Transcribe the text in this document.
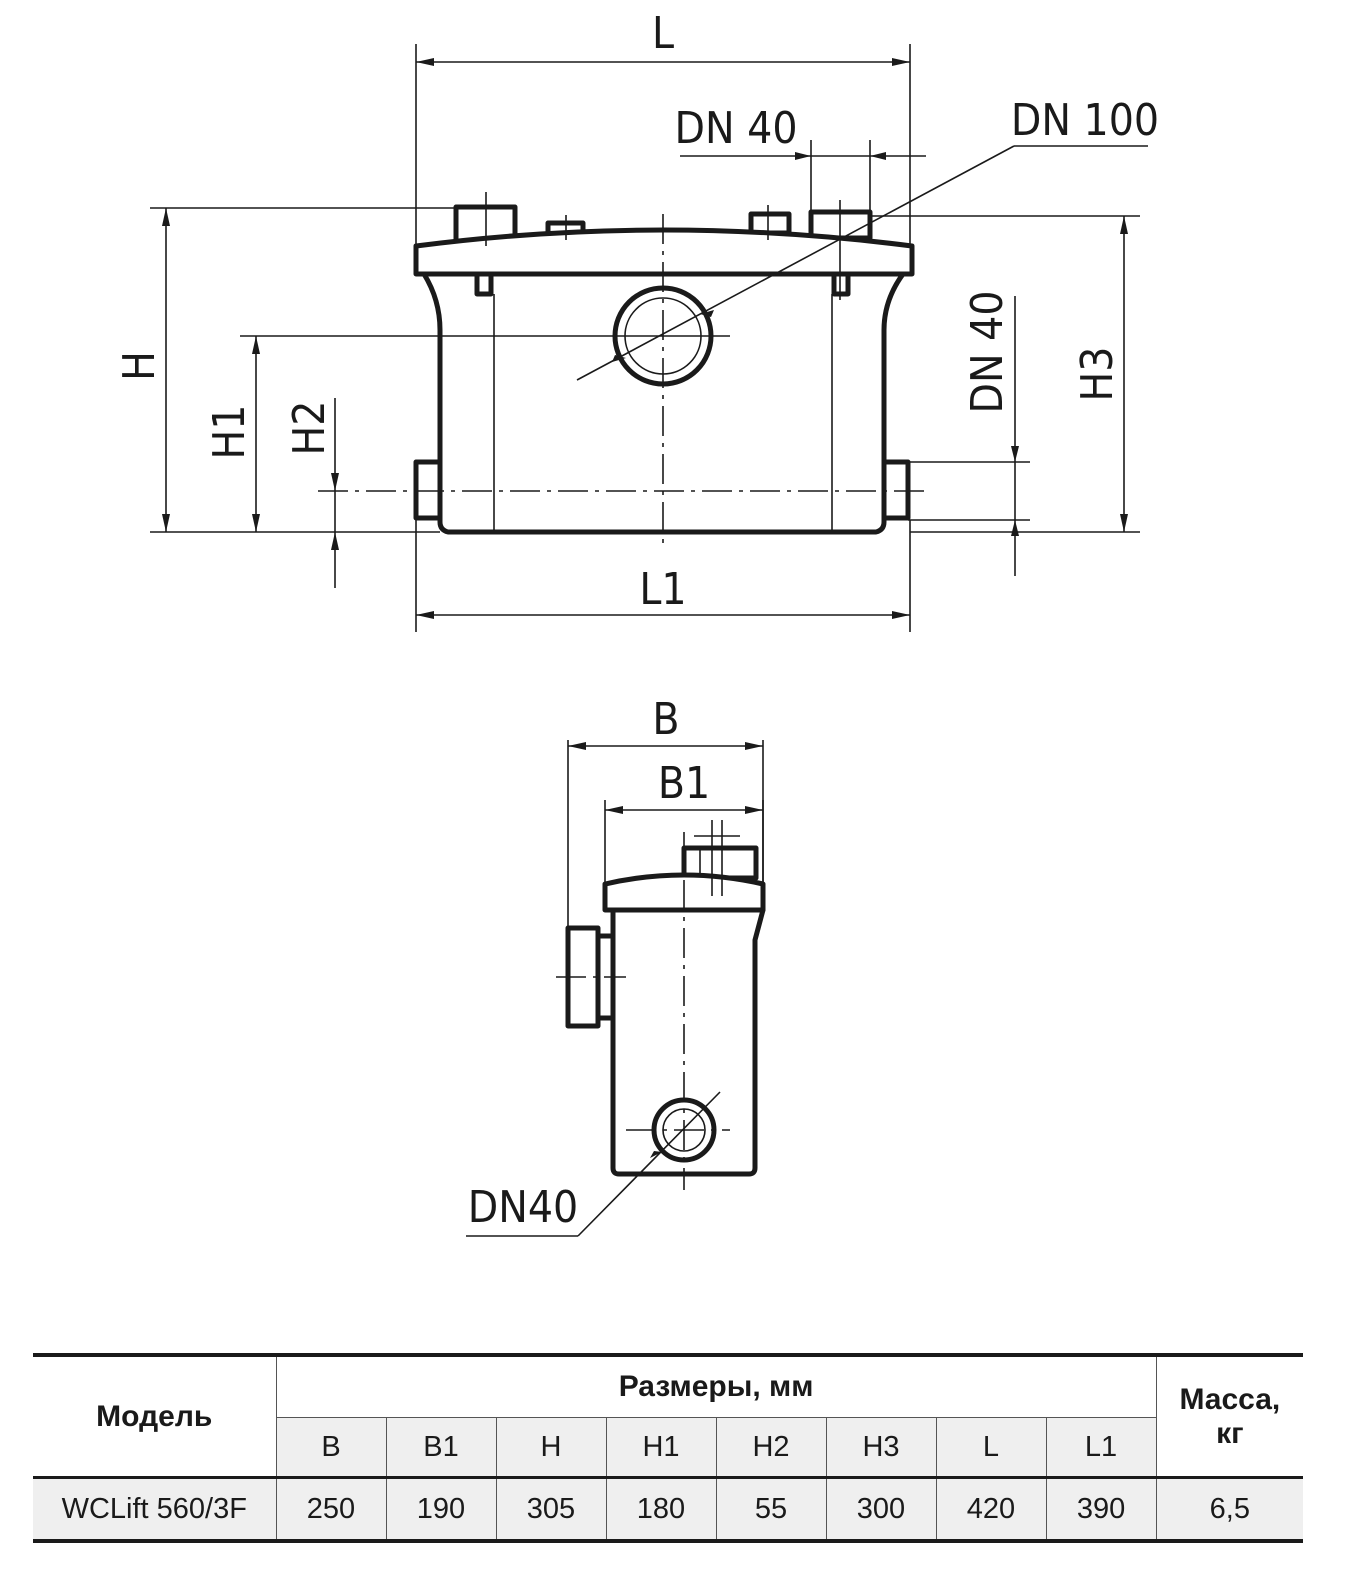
L
L1
DN 40	DN 100
H
H1 H2
DN 40 H3
B
B1
DN40
Модель	Размеры, мм								Масса,
кг
	B	B1	H	H1	H2	H3	L	L1	
WCLift 560/3F	250	190	305	180	55	300	420	390	6,5
